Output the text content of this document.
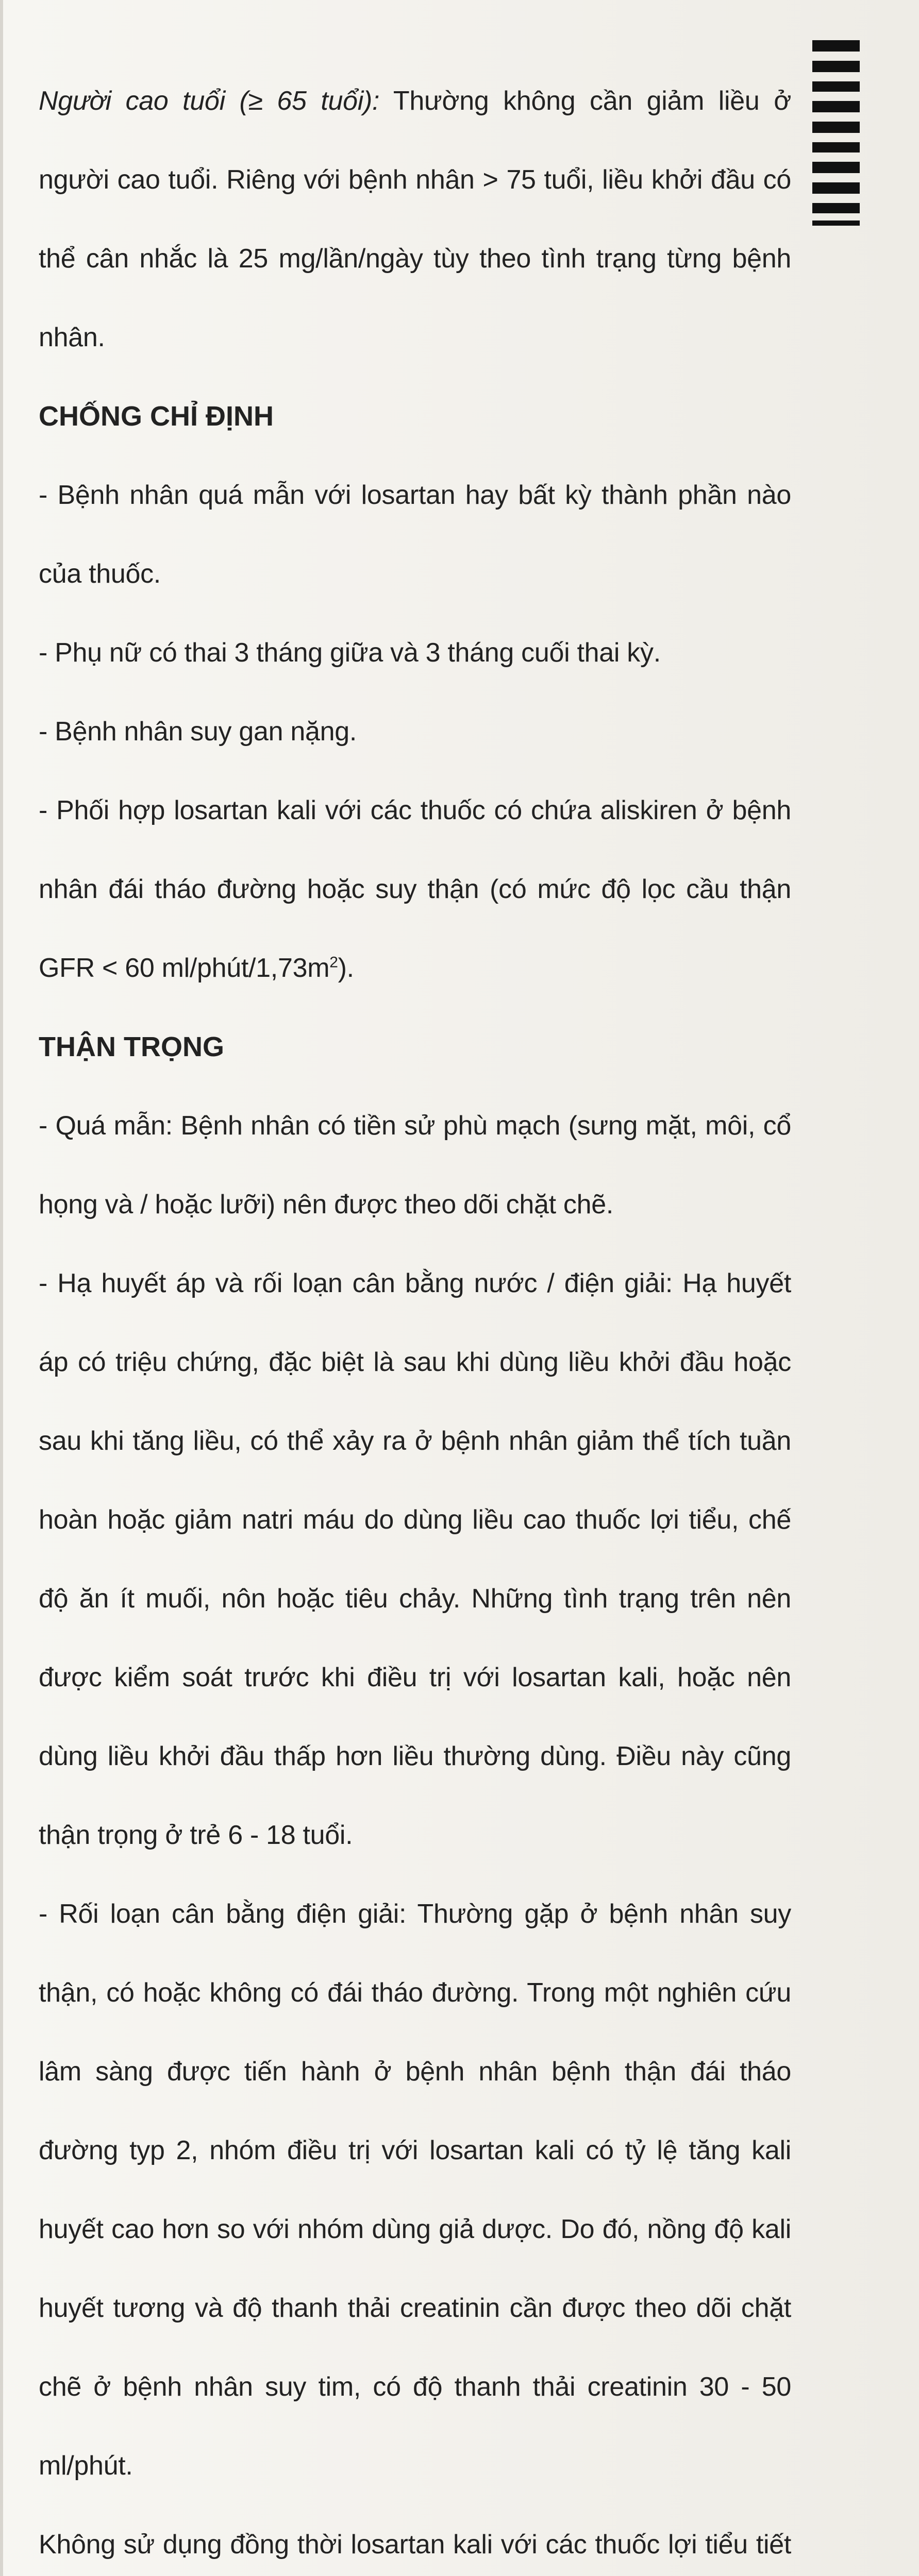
Người cao tuổi (≥ 65 tuổi): Thường không cần giảm liều ở người cao tuổi. Riêng với bệnh nhân > 75 tuổi, liều khởi đầu có thể cân nhắc là 25 mg/lần/ngày tùy theo tình trạng từng bệnh nhân.

CHỐNG CHỈ ĐỊNH

- Bệnh nhân quá mẫn với losartan hay bất kỳ thành phần nào của thuốc.

- Phụ nữ có thai 3 tháng giữa và 3 tháng cuối thai kỳ.

- Bệnh nhân suy gan nặng.

- Phối hợp losartan kali với các thuốc có chứa aliskiren ở bệnh nhân đái tháo đường hoặc suy thận (có mức độ lọc cầu thận GFR < 60 $ml/phút/1,73m^2$).

THẬN TRỌNG

- Quá mẫn: Bệnh nhân có tiền sử phù mạch (sưng mặt, môi, cổ họng và / hoặc lưỡi) nên được theo dõi chặt chẽ.

- Hạ huyết áp và rối loạn cân bằng nước / điện giải: Hạ huyết áp có triệu chứng, đặc biệt là sau khi dùng liều khởi đầu hoặc sau khi tăng liều, có thể xảy ra ở bệnh nhân giảm thể tích tuần hoàn hoặc giảm natri máu do dùng liều cao thuốc lợi tiểu, chế độ ăn ít muối, nôn hoặc tiêu chảy. Những tình trạng trên nên được kiểm soát trước khi điều trị với losartan kali, hoặc nên dùng liều khởi đầu thấp hơn liều thường dùng. Điều này cũng thận trọng ở trẻ 6 - 18 tuổi.

- Rối loạn cân bằng điện giải: Thường gặp ở bệnh nhân suy thận, có hoặc không có đái tháo đường. Trong một nghiên cứu lâm sàng được tiến hành ở bệnh nhân bệnh thận đái tháo đường typ 2, nhóm điều trị với losartan kali có tỷ lệ tăng kali huyết cao hơn so với nhóm dùng giả dược. Do đó, nồng độ kali huyết tương và độ thanh thải creatinin cần được theo dõi chặt chẽ ở bệnh nhân suy tim, có độ thanh thải creatinin 30 - 50 ml/phút.

Không sử dụng đồng thời losartan kali với các thuốc lợi tiểu tiết
